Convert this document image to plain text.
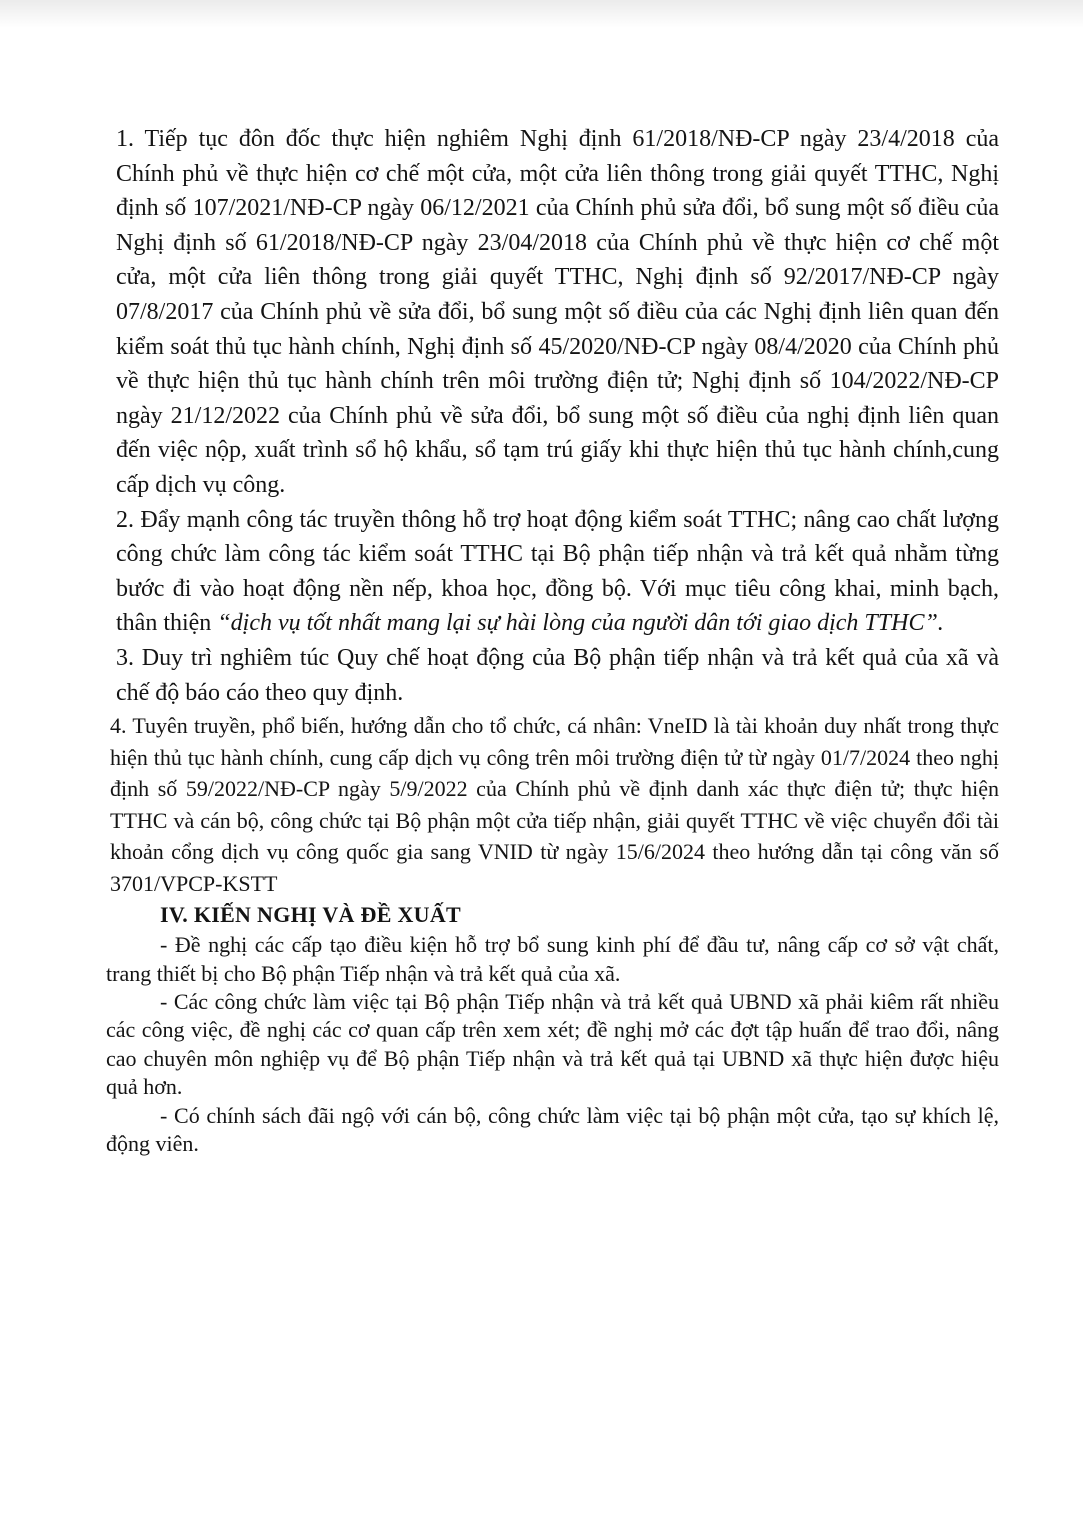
1. Tiếp tục đôn đốc thực hiện nghiêm Nghị định 61/2018/NĐ-CP ngày 23/4/2018 của Chính phủ về thực hiện cơ chế một cửa, một cửa liên thông trong giải quyết TTHC, Nghị định số 107/2021/NĐ-CP ngày 06/12/2021 của Chính phủ sửa đổi, bổ sung một số điều của Nghị định số 61/2018/NĐ-CP ngày 23/04/2018 của Chính phủ về thực hiện cơ chế một cửa, một cửa liên thông trong giải quyết TTHC, Nghị định số 92/2017/NĐ-CP ngày 07/8/2017 của Chính phủ về sửa đổi, bổ sung một số điều của các Nghị định liên quan đến kiểm soát thủ tục hành chính, Nghị định số 45/2020/NĐ-CP ngày 08/4/2020 của Chính phủ về thực hiện thủ tục hành chính trên môi trường điện tử; Nghị định số 104/2022/NĐ-CP ngày 21/12/2022 của Chính phủ về sửa đổi, bổ sung một số điều của nghị định liên quan đến việc nộp, xuất trình sổ hộ khẩu, sổ tạm trú giấy khi thực hiện thủ tục hành chính,cung cấp dịch vụ công.

2. Đẩy mạnh công tác truyền thông hỗ trợ hoạt động kiểm soát TTHC; nâng cao chất lượng công chức làm công tác kiểm soát TTHC tại Bộ phận tiếp nhận và trả kết quả nhằm từng bước đi vào hoạt động nền nếp, khoa học, đồng bộ. Với mục tiêu công khai, minh bạch, thân thiện “dịch vụ tốt nhất mang lại sự hài lòng của người dân tới giao dịch TTHC”.

3. Duy trì nghiêm túc Quy chế hoạt động của Bộ phận tiếp nhận và trả kết quả của xã và chế độ báo cáo theo quy định.

4. Tuyên truyền, phổ biến, hướng dẫn cho tổ chức, cá nhân: VneID là tài khoản duy nhất trong thực hiện thủ tục hành chính, cung cấp dịch vụ công trên môi trường điện tử từ ngày 01/7/2024 theo nghị định số 59/2022/NĐ-CP ngày 5/9/2022 của Chính phủ về định danh xác thực điện tử; thực hiện TTHC và cán bộ, công chức tại Bộ phận một cửa tiếp nhận, giải quyết TTHC về việc chuyển đổi tài khoản cổng dịch vụ công quốc gia sang VNID từ ngày 15/6/2024 theo hướng dẫn tại công văn số 3701/VPCP-KSTT

IV. KIẾN NGHỊ VÀ ĐỀ XUẤT

- Đề nghị các cấp tạo điều kiện hỗ trợ bổ sung kinh phí để đầu tư, nâng cấp cơ sở vật chất, trang thiết bị cho Bộ phận Tiếp nhận và trả kết quả của xã.

- Các công chức làm việc tại Bộ phận Tiếp nhận và trả kết quả UBND xã phải kiêm rất nhiều các công việc, đề nghị các cơ quan cấp trên xem xét; đề nghị mở các đợt tập huấn để trao đổi, nâng cao chuyên môn nghiệp vụ để Bộ phận Tiếp nhận và trả kết quả tại UBND xã thực hiện được hiệu quả hơn.

- Có chính sách đãi ngộ với cán bộ, công chức làm việc tại bộ phận một cửa, tạo sự khích lệ, động viên.
